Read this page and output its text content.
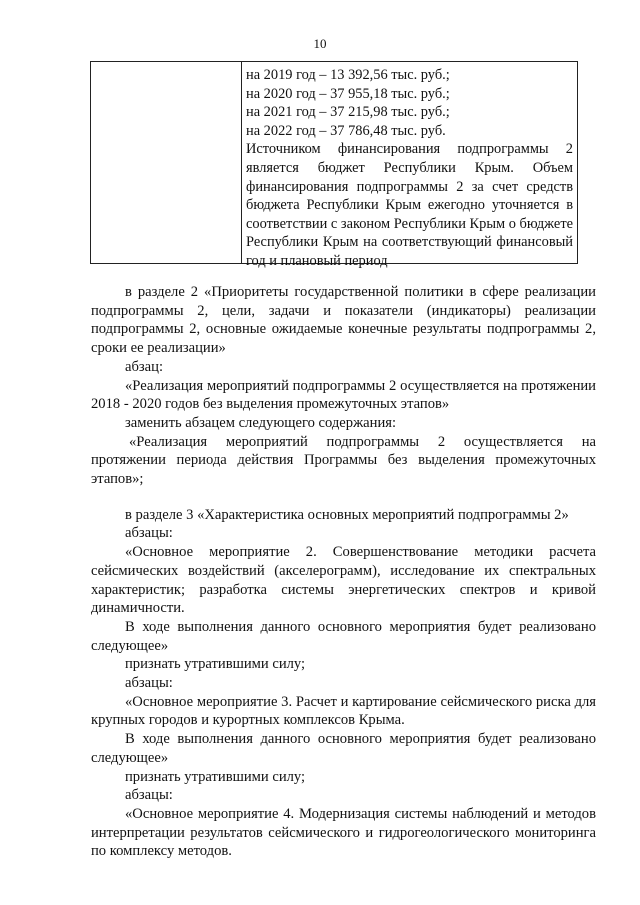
10
на 2019 год – 13 392,56 тыс. руб.;
на 2020 год – 37 955,18 тыс. руб.;
на 2021 год – 37 215,98 тыс. руб.;
на 2022 год – 37 786,48 тыс. руб.
Источником финансирования подпрограммы 2 является бюджет Республики Крым. Объем финансирования подпрограммы 2 за счет средств бюджета Республики Крым ежегодно уточняется в соответствии с законом Республики Крым о бюджете Республики Крым на соответствующий финансовый год и плановый период

в разделе 2 «Приоритеты государственной политики в сфере реализации подпрограммы 2, цели, задачи и показатели (индикаторы) реализации подпрограммы 2, основные ожидаемые конечные результаты подпрограммы 2, сроки ее реализации»

абзац:

«Реализация мероприятий подпрограммы 2 осуществляется на протяжении 2018 - 2020 годов без выделения промежуточных этапов»

заменить абзацем следующего содержания:

«Реализация мероприятий подпрограммы 2 осуществляется на протяжении периода действия Программы без выделения промежуточных этапов»;

в разделе 3 «Характеристика основных мероприятий подпрограммы 2»

абзацы:

«Основное мероприятие 2. Совершенствование методики расчета сейсмических воздействий (акселерограмм), исследование их спектральных характеристик; разработка системы энергетических спектров и кривой динамичности.

В ходе выполнения данного основного мероприятия будет реализовано следующее»

признать утратившими силу;

абзацы:

«Основное мероприятие 3. Расчет и картирование сейсмического риска для крупных городов и курортных комплексов Крыма.

В ходе выполнения данного основного мероприятия будет реализовано следующее»

признать утратившими силу;

абзацы:

«Основное мероприятие 4. Модернизация системы наблюдений и методов интерпретации результатов сейсмического и гидрогеологического мониторинга по комплексу методов.
